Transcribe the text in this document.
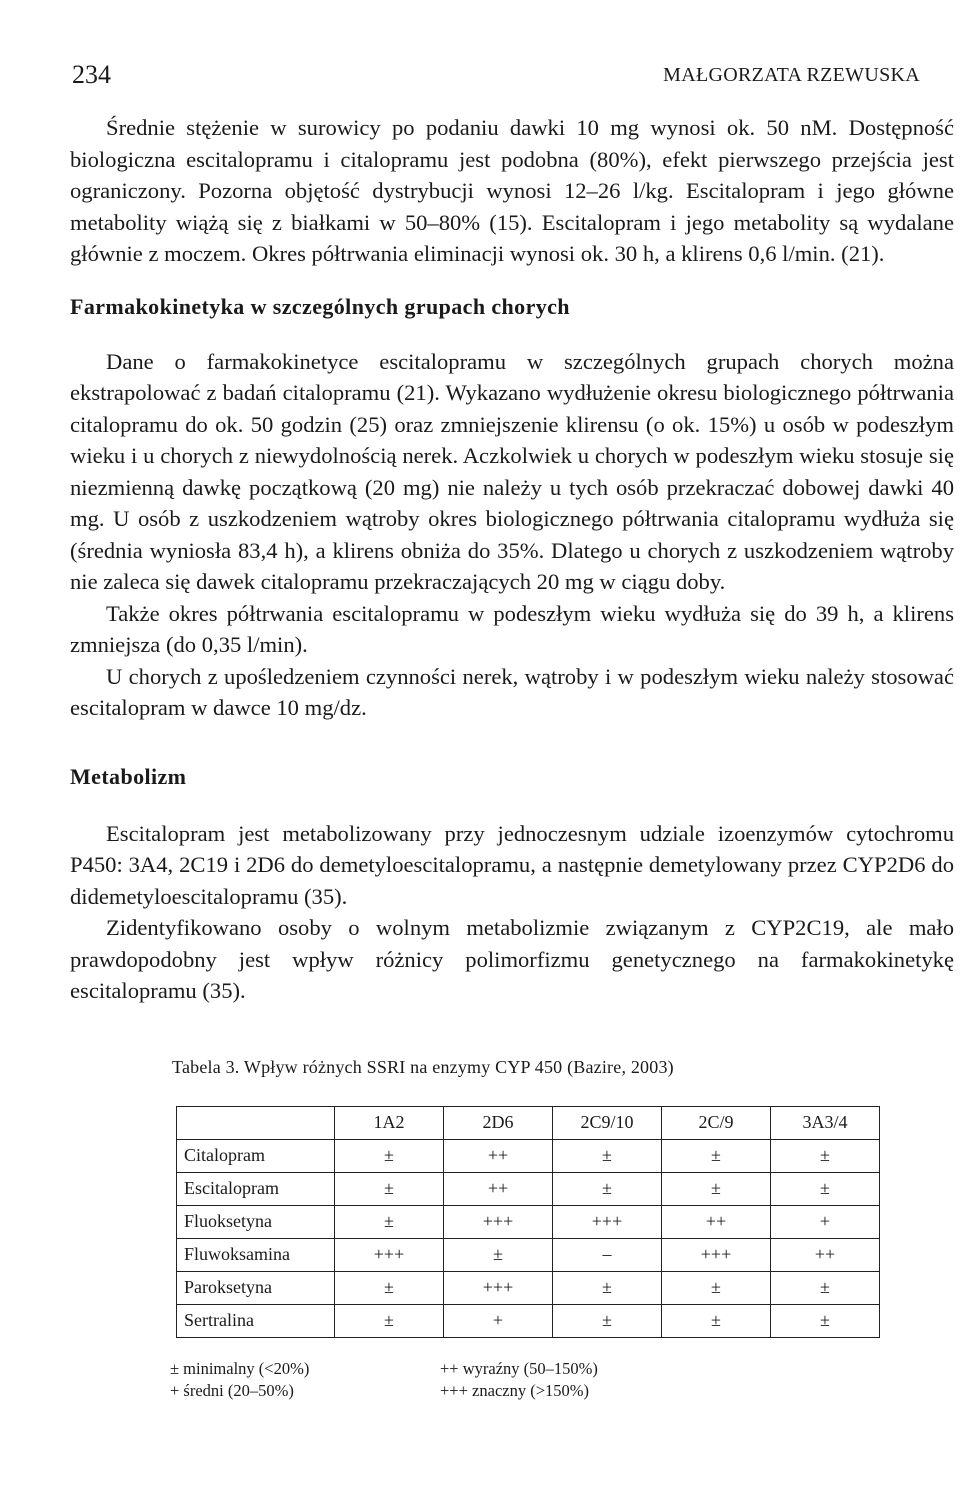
234	MAŁGORZATA RZEWUSKA

Średnie stężenie w surowicy po podaniu dawki 10 mg wynosi ok. 50 nM. Dostępność biologiczna escitalopramu i citalopramu jest podobna (80%), efekt pierwszego przejścia jest ograniczony. Pozorna objętość dystrybucji wynosi 12–26 l/kg. Escitalopram i jego główne metabolity wiążą się z białkami w 50–80% (15). Escitalopram i jego metabolity są wydalane głównie z moczem. Okres półtrwania eliminacji wynosi ok. 30 h, a klirens 0,6 l/min. (21).

Farmakokinetyka w szczególnych grupach chorych

Dane o farmakokinetyce escitalopramu w szczególnych grupach chorych można ekstrapolować z badań citalopramu (21). Wykazano wydłużenie okresu biologicznego półtrwania citalopramu do ok. 50 godzin (25) oraz zmniejszenie klirensu (o ok. 15%) u osób w podeszłym wieku i u chorych z niewydolnością nerek. Aczkolwiek u chorych w podeszłym wieku stosuje się niezmienną dawkę początkową (20 mg) nie należy u tych osób przekraczać dobowej dawki 40 mg. U osób z uszkodzeniem wątroby okres biologicznego półtrwania citalopramu wydłuża się (średnia wyniosła 83,4 h), a klirens obniża do 35%. Dlatego u chorych z uszkodzeniem wątroby nie zaleca się dawek citalopramu przekraczających 20 mg w ciągu doby.

Także okres półtrwania escitalopramu w podeszłym wieku wydłuża się do 39 h, a klirens zmniejsza (do 0,35 l/min).

U chorych z upośledzeniem czynności nerek, wątroby i w podeszłym wieku należy stosować escitalopram w dawce 10 mg/dz.

Metabolizm

Escitalopram jest metabolizowany przy jednoczesnym udziale izoenzymów cytochromu P450: 3A4, 2C19 i 2D6 do demetyloescitalopramu, a następnie demetylowany przez CYP2D6 do didemetyloescitalopramu (35).

Zidentyfikowano osoby o wolnym metabolizmie związanym z CYP2C19, ale mało prawdopodobny jest wpływ różnicy polimorfizmu genetycznego na farmakokinetykę escitalopramu (35).

Tabela 3. Wpływ różnych SSRI na enzymy CYP 450 (Bazire, 2003)
	1A2	2D6	2C9/10	2C/9	3A3/4
Citalopram	±	++	±	±	±
Escitalopram	±	++	±	±	±
Fluoksetyna	±	+++	+++	++	+
Fluwoksamina	+++	±	–	+++	++
Paroksetyna	±	+++	±	±	±
Sertralina	±	+	±	±	±
± minimalny (<20%)	++ wyraźny (50–150%)
+ średni (20–50%)	+++ znaczny (>150%)
